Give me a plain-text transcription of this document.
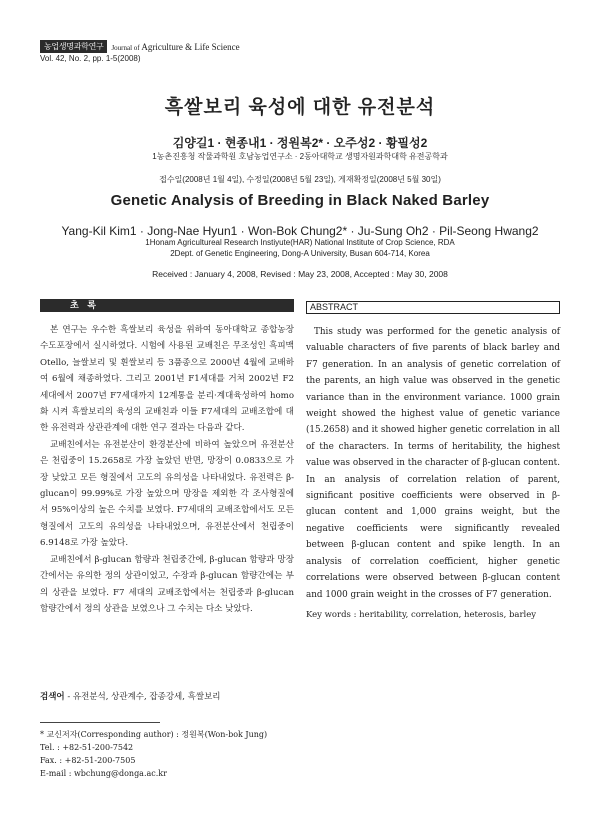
농업생명과학연구	Journal of Agriculture & Life Science
Vol. 42, No. 2, pp. 1-5(2008)
흑쌀보리 육성에 대한 유전분석
김양길1 · 현종내1 · 정원복2* · 오주성2 · 황필성2
1농촌진흥청 작물과학원 호남농업연구소 · 2동아대학교 생명자원과학대학 유전공학과
접수일(2008년 1월 4일), 수정일(2008년 5월 23일), 게재확정일(2008년 5월 30일)
Genetic Analysis of Breeding in Black Naked Barley
Yang-Kil Kim1 · Jong-Nae Hyun1 · Won-Bok Chung2* · Ju-Sung Oh2 · Pil-Seong Hwang2
1Honam Agricultureal Research Instiyute(HAR) National Institute of Crop Science, RDA
2Dept. of Genetic Engineering, Dong-A University, Busan 604-714, Korea
Received : January 4, 2008, Revised : May 23, 2008, Accepted : May 30, 2008
초 록	ABSTRACT

본 연구는 우수한 흑쌀보리 육성을 위하여 동아대학교 종합농장 수도포장에서 실시하였다. 시험에 사용된 교배친은 무조성인 흑피맥 Otello, 늘쌀보리 및 흰쌀보리 등 3품종으로 2000년 4월에 교배하여 6월에 채종하였다. 그리고 2001년 F1세대를 거쳐 2002년 F2세대에서 2007년 F7세대까지 12계통을 분리·계대육성하여 homo화 시켜 흑쌀보리의 육성의 교배친과 이들 F7세대의 교배조합에 대한 유전력과 상관관계에 대한 연구 결과는 다음과 같다.

교배친에서는 유전분산이 환경분산에 비하여 높았으며 유전분산은 천립중이 15.2658로 가장 높았던 반면, 망장이 0.0833으로 가장 낮았고 모든 형질에서 고도의 유의성을 나타내었다. 유전력은 β-glucan이 99.99%로 가장 높았으며 망장을 제외한 각 조사형질에서 95%이상의 높은 수치를 보였다. F7세대의 교배조합에서도 모든 형질에서 고도의 유의성을 나타내었으며, 유전분산에서 천립중이 6.9148로 가장 높았다.

교배친에서 β-glucan 함량과 천립중간에, β-glucan 함량과 망장간에서는 유의한 정의 상관이었고, 수장과 β-glucan 함량간에는 부의 상관을 보였다. F7 세대의 교배조합에서는 천립중과 β-glucan 함량간에서 정의 상관을 보였으나 그 수치는 다소 낮았다.

검색어 - 유전분석, 상관계수, 잡종강세, 흑쌀보리

This study was performed for the genetic analysis of valuable characters of five parents of black barley and F7 generation. In an analysis of genetic correlation of the parents, an high value was observed in the genetic variance than in the environment variance. 1000 grain weight showed the highest value of genetic variance (15.2658) and it showed higher genetic correlation in all of the characters. In terms of heritability, the highest value was observed in the character of β-glucan content. In an analysis of correlation relation of parent, significant positive coefficients were observed in β-glucan content and 1,000 grains weight, but the negative coefficients were significantly revealed between β-glucan content and spike length. In an analysis of correlation coefficient, higher genetic correlations were observed between β-glucan content and 1000 grain weight in the crosses of F7 generation.

Key words : heritability, correlation, heterosis, barley
* 교신저자(Corresponding author) : 정원복(Won-bok Jung)
Tel. : +82-51-200-7542
Fax. : +82-51-200-7505
E-mail : wbchung@donga.ac.kr
